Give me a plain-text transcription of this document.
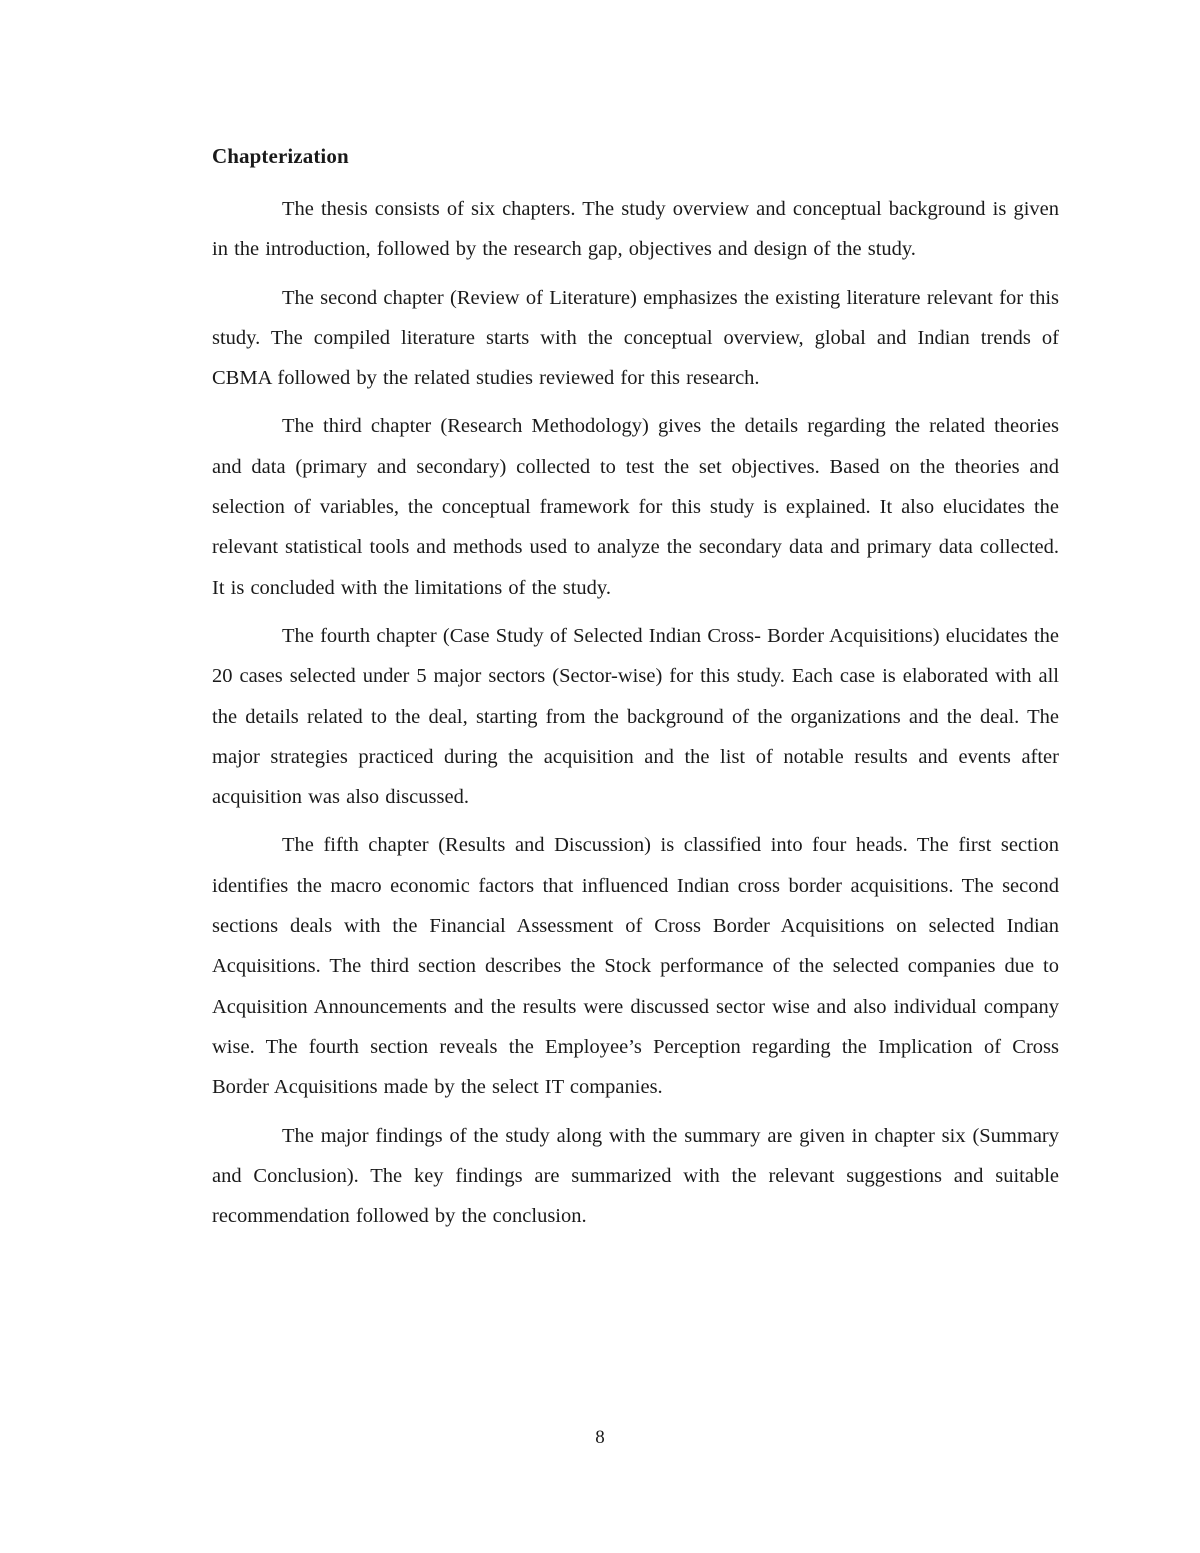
Chapterization

The thesis consists of six chapters. The study overview and conceptual background is given in the introduction, followed by the research gap, objectives and design of the study.

The second chapter (Review of Literature) emphasizes the existing literature relevant for this study. The compiled literature starts with the conceptual overview, global and Indian trends of CBMA followed by the related studies reviewed for this research.

The third chapter (Research Methodology) gives the details regarding the related theories and data (primary and secondary) collected to test the set objectives. Based on the theories and selection of variables, the conceptual framework for this study is explained. It also elucidates the relevant statistical tools and methods used to analyze the secondary data and primary data collected. It is concluded with the limitations of the study.

The fourth chapter (Case Study of Selected Indian Cross- Border Acquisitions) elucidates the 20 cases selected under 5 major sectors (Sector-wise) for this study. Each case is elaborated with all the details related to the deal, starting from the background of the organizations and the deal. The major strategies practiced during the acquisition and the list of notable results and events after acquisition was also discussed.

The fifth chapter (Results and Discussion) is classified into four heads. The first section identifies the macro economic factors that influenced Indian cross border acquisitions. The second sections deals with the Financial Assessment of Cross Border Acquisitions on selected Indian Acquisitions. The third section describes the Stock performance of the selected companies due to Acquisition Announcements and the results were discussed sector wise and also individual company wise. The fourth section reveals the Employee’s Perception regarding the Implication of Cross Border Acquisitions made by the select IT companies.

The major findings of the study along with the summary are given in chapter six (Summary and Conclusion). The key findings are summarized with the relevant suggestions and suitable recommendation followed by the conclusion.

8
